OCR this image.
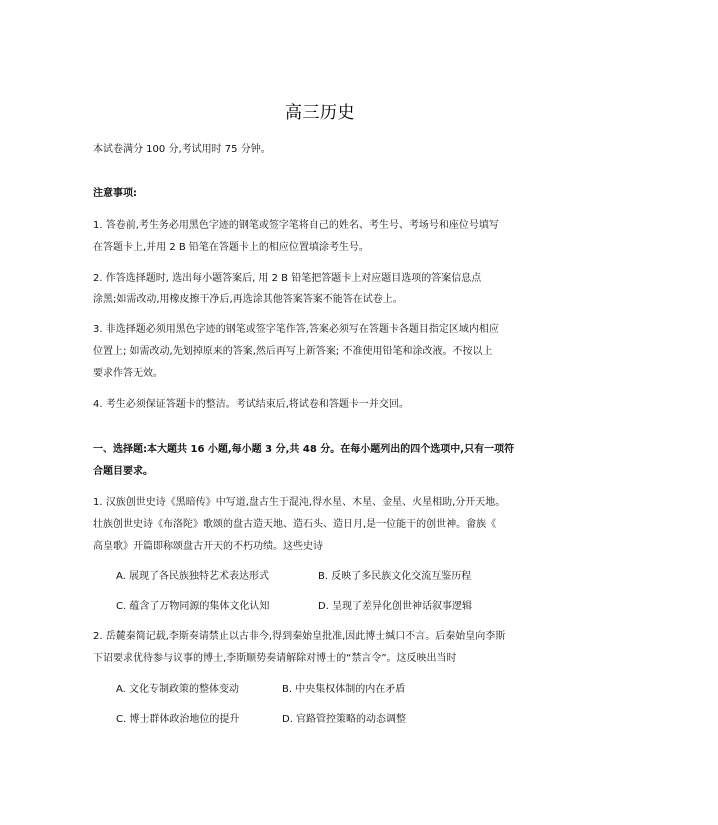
高三历史
本试卷满分 100 分,考试用时 75 分钟。
注意事项:
1. 答卷前,考生务必用黑色字迹的钢笔或签字笔将自己的姓名、考生号、考场号和座位号填写
在答题卡上,并用 2 B 铅笔在答题卡上的相应位置填涂考生号。
2. 作答选择题时, 选出每小题答案后, 用 2 B 铅笔把答题卡上对应题目选项的答案信息点
涂黑;如需改动,用橡皮擦干净后,再选涂其他答案答案不能答在试卷上。
3. 非选择题必须用黑色字迹的钢笔或签字笔作答,答案必须写在答题卡各题目指定区域内相应
位置上; 如需改动,先划掉原来的答案,然后再写上新答案; 不准使用铅笔和涂改液。不按以上
要求作答无效。
4. 考生必须保证答题卡的整洁。考试结束后,将试卷和答题卡一并交回。
一、选择题:本大题共 16 小题,每小题 3 分,共 48 分。在每小题列出的四个选项中,只有一项符
合题目要求。
1. 汉族创世史诗《黑暗传》中写道,盘古生于混沌,得水星、木星、金星、火星相助,分开天地。
壮族创世史诗《布洛陀》歌颂的盘古造天地、造石头、造日月,是一位能干的创世神。畲族《
高皇歌》开篇即称颂盘古开天的不朽功绩。这些史诗
A. 展现了各民族独特艺术表达形式	B. 反映了多民族文化交流互鉴历程
C. 蕴含了万物同源的集体文化认知	D. 呈现了差异化创世神话叙事逻辑
2. 岳麓秦简记载,李斯奏请禁止以古非今,得到秦始皇批准,因此博士缄口不言。后秦始皇向李斯
下诏要求优待参与议事的博士,李斯顺势奏请解除对博士的“禁言令”。这反映出当时
A. 文化专制政策的整体变动	B. 中央集权体制的内在矛盾
C. 博士群体政治地位的提升	D. 官路管控策略的动态调整
